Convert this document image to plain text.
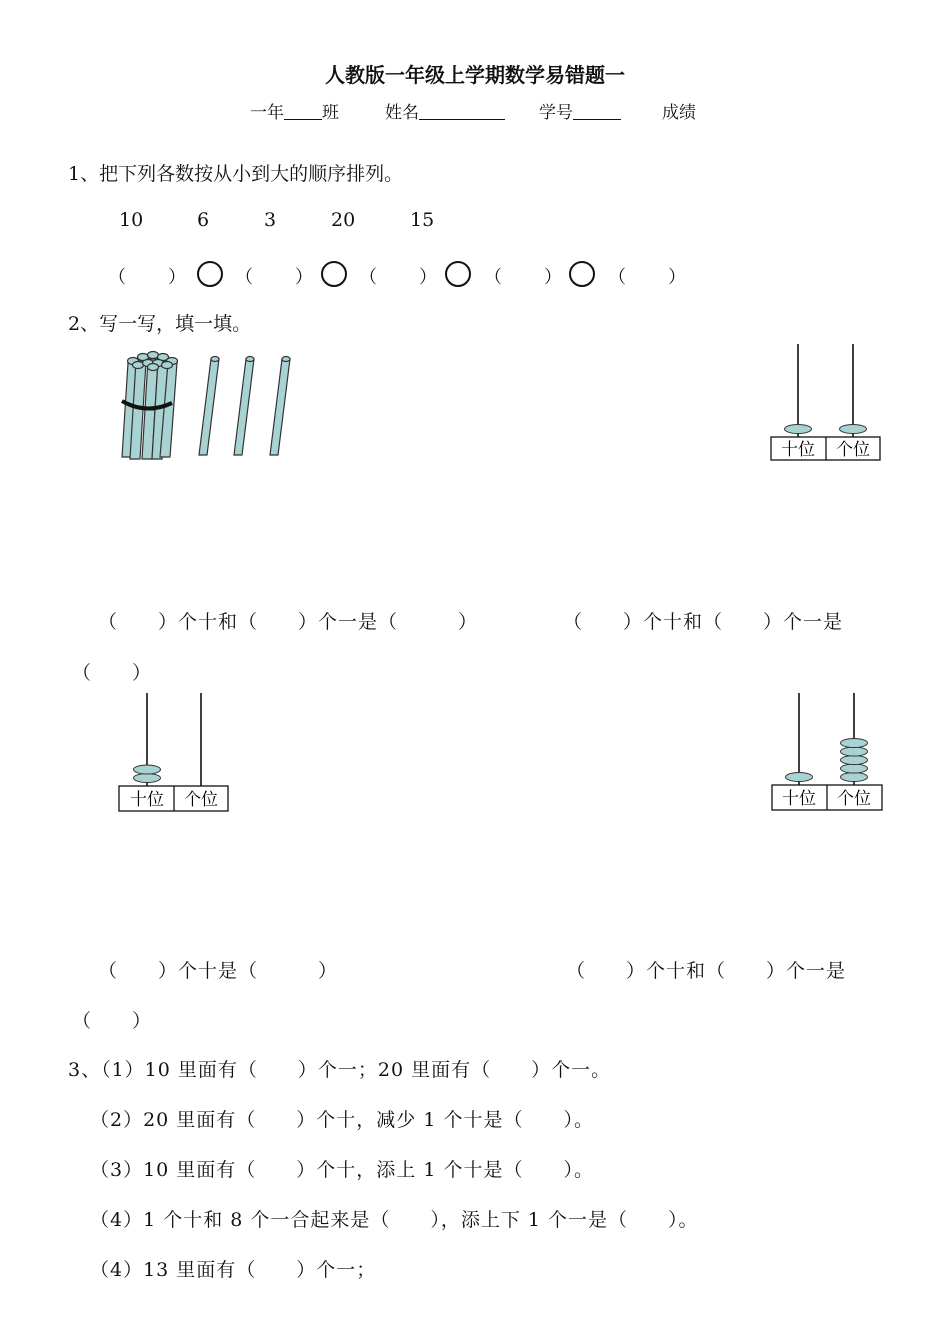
人教版一年级上学期数学易错题一
一年 班	姓名	学号	成绩
1、把下列各数按从小到大的顺序排列。
10	6	3	20	15
（ ）	（ ）	（ ）	（ ）	（ ）
2、写一写，填一填。
十位 个位
（　　）个十和（　　）个一是（　　　）	（　　）个十和（　　）个一是
（　　）
十位 个位	十位 个位
（　　）个十是（　　　）	（　　）个十和（　　）个一是
（　　）
3、（1）10 里面有（　　）个一；20 里面有（　　）个一。
（2）20 里面有（　　）个十，减少 1 个十是（　　）。
（3）10 里面有（　　）个十，添上 1 个十是（　　）。
（4）1 个十和 8 个一合起来是（　　），添上下 1 个一是（　　）。
（4）13 里面有（　　）个一；
